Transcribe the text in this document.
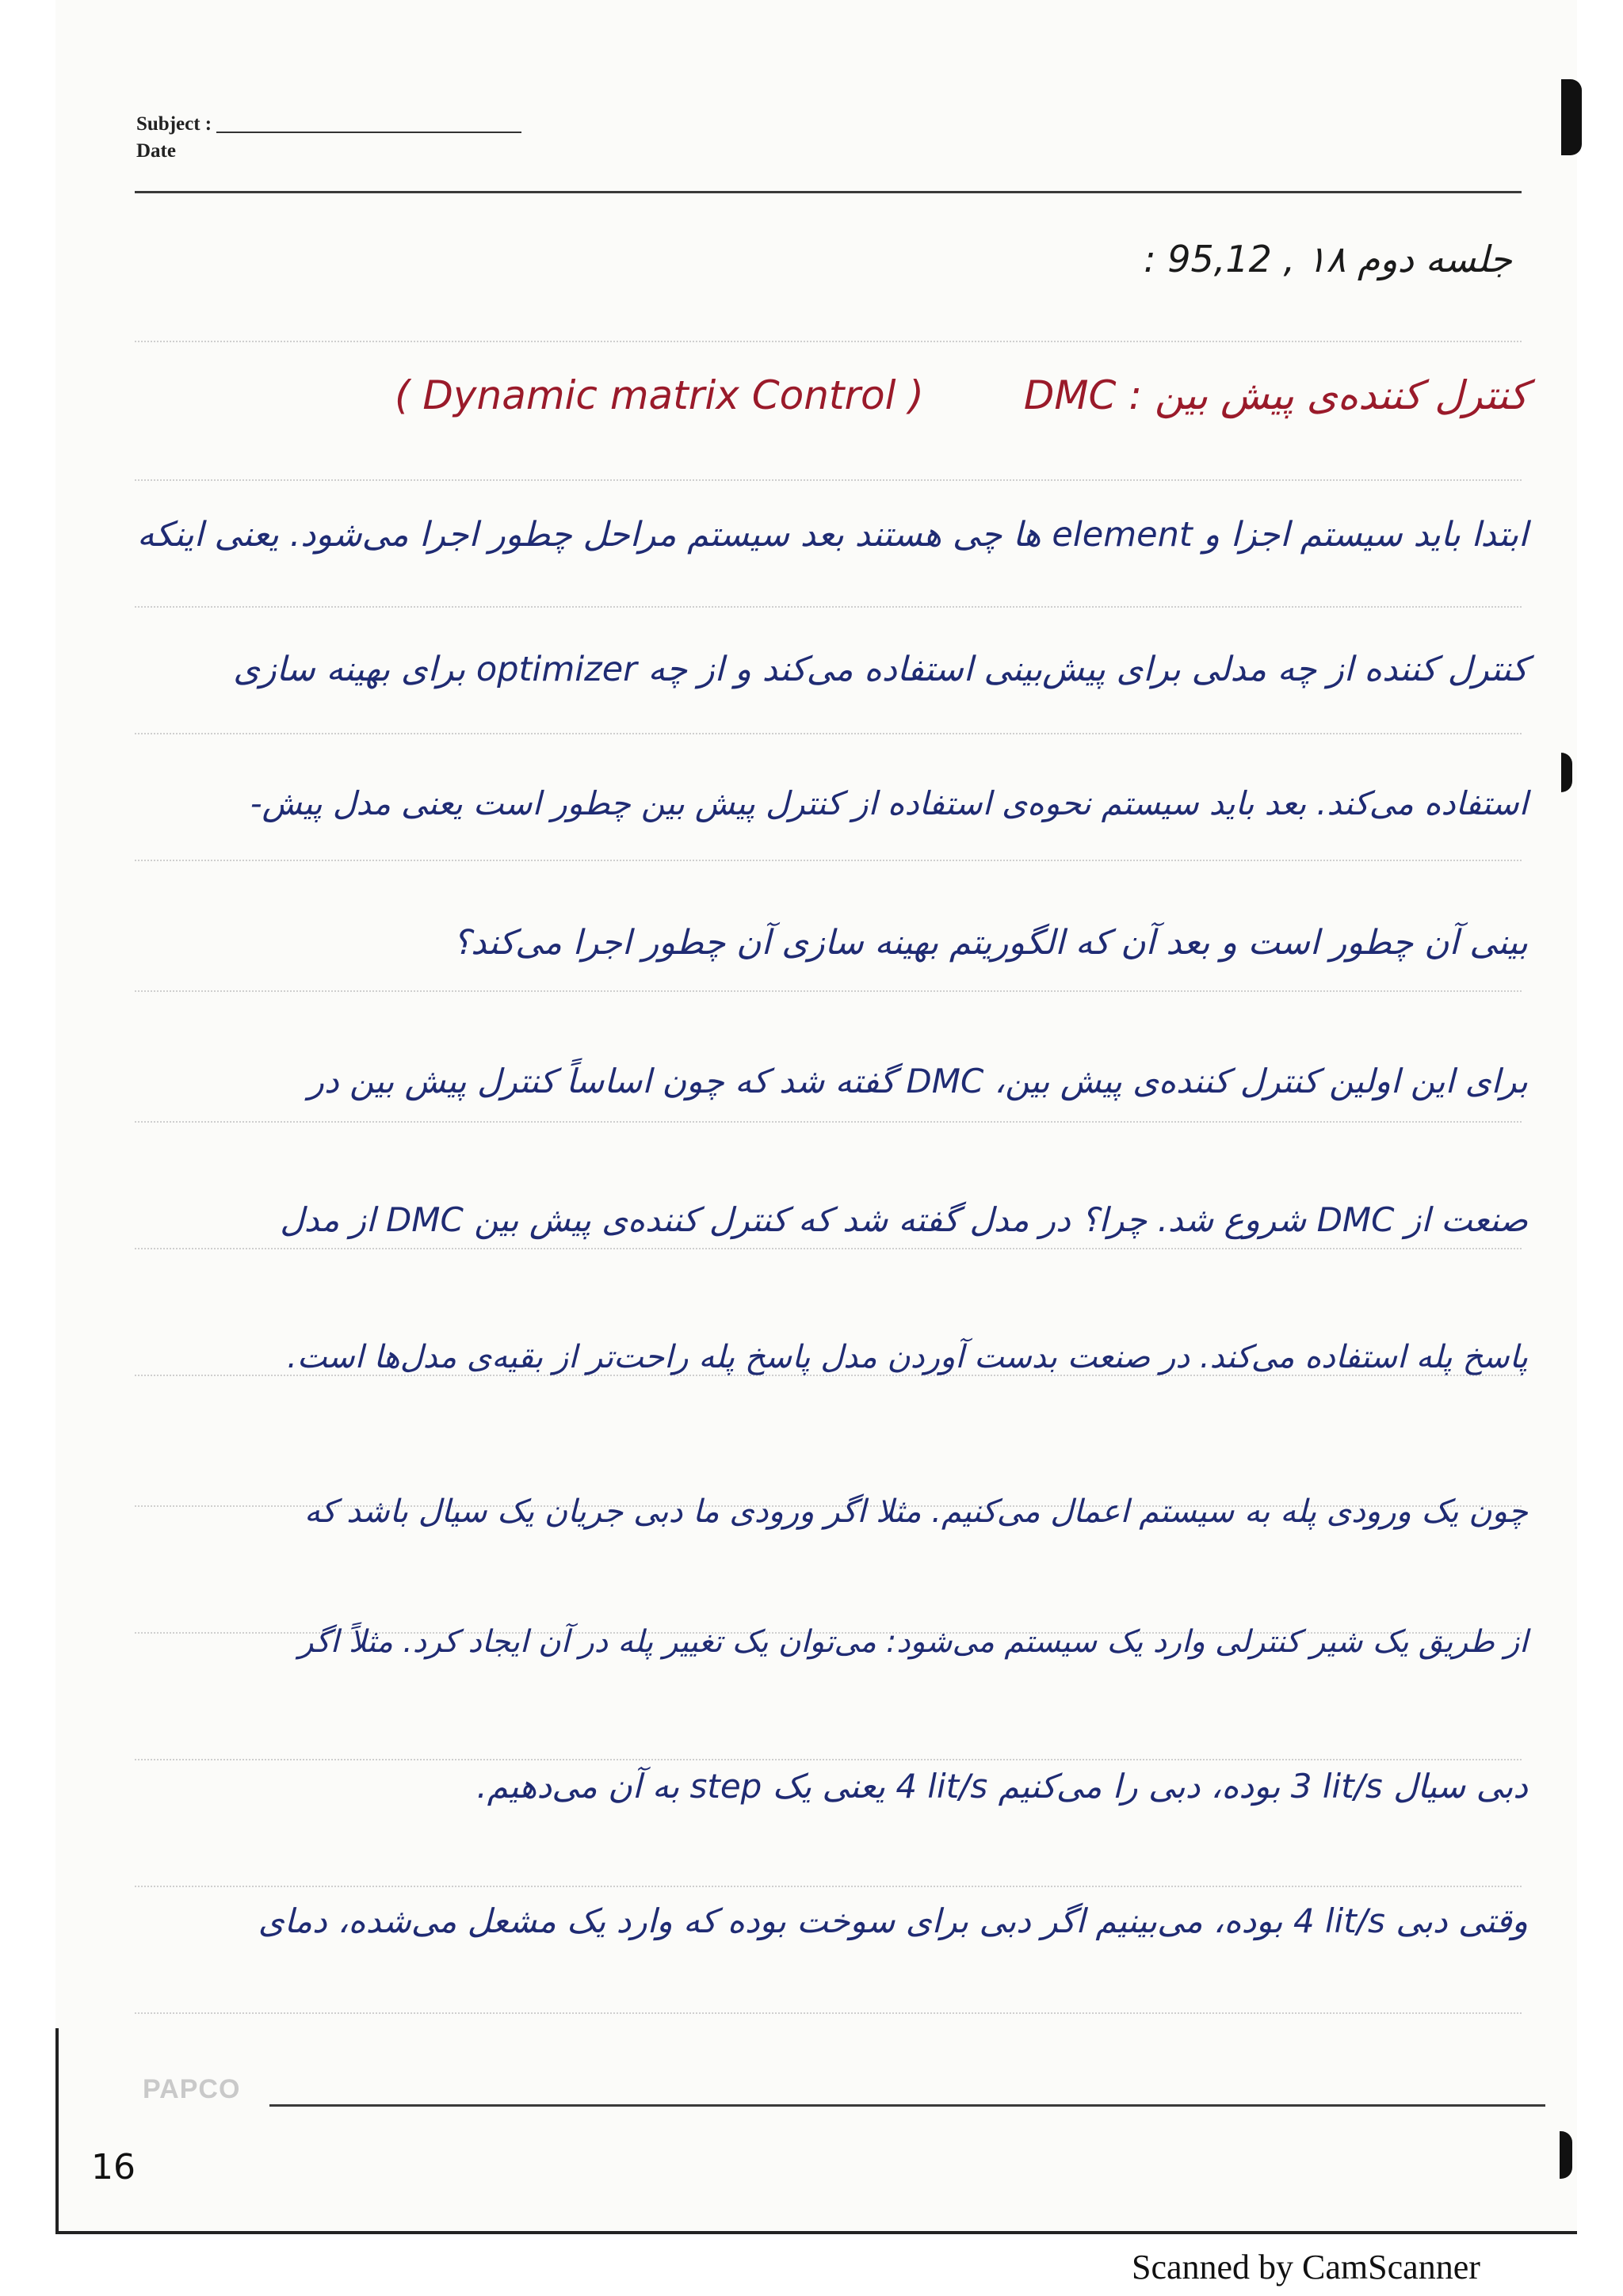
Subject :
Date
جلسه دوم ۱۸ , 95,12 :
کنترل کننده‌ی پیش بین : DMC ( Dynamic matrix Control )
ابتدا باید سیستم اجزا و element ها چی هستند بعد سیستم مراحل چطور اجرا می‌شود. یعنی اینکه
کنترل کننده از چه مدلی برای پیش‌بینی استفاده می‌کند و از چه optimizer برای بهینه سازی
استفاده می‌کند. بعد باید سیستم نحوه‌ی استفاده از کنترل پیش بین چطور است یعنی مدل پیش-
بینی آن چطور است و بعد آن که الگوریتم بهینه سازی آن چطور اجرا می‌کند؟
برای این اولین کنترل کننده‌ی پیش بین، DMC گفته شد که چون اساساً کنترل پیش بین در
صنعت از DMC شروع شد. چرا؟ در مدل گفته شد که کنترل کننده‌ی پیش بین DMC از مدل
پاسخ پله استفاده می‌کند. در صنعت بدست آوردن مدل پاسخ پله راحت‌تر از بقیه‌ی مدل‌ها است.
چون یک ورودی پله به سیستم اعمال می‌کنیم. مثلا اگر ورودی ما دبی جریان یک سیال باشد که
از طریق یک شیر کنترلی وارد یک سیستم می‌شود: می‌توان یک تغییر پله در آن ایجاد کرد. مثلاً اگر
دبی سیال 3 lit/s بوده، دبی را می‌کنیم 4 lit/s یعنی یک step به آن می‌دهیم.
وقتی دبی 4 lit/s بوده، می‌بینیم اگر دبی برای سوخت بوده که وارد یک مشعل می‌شده، دمای
PAPCO
16
Scanned by CamScanner
